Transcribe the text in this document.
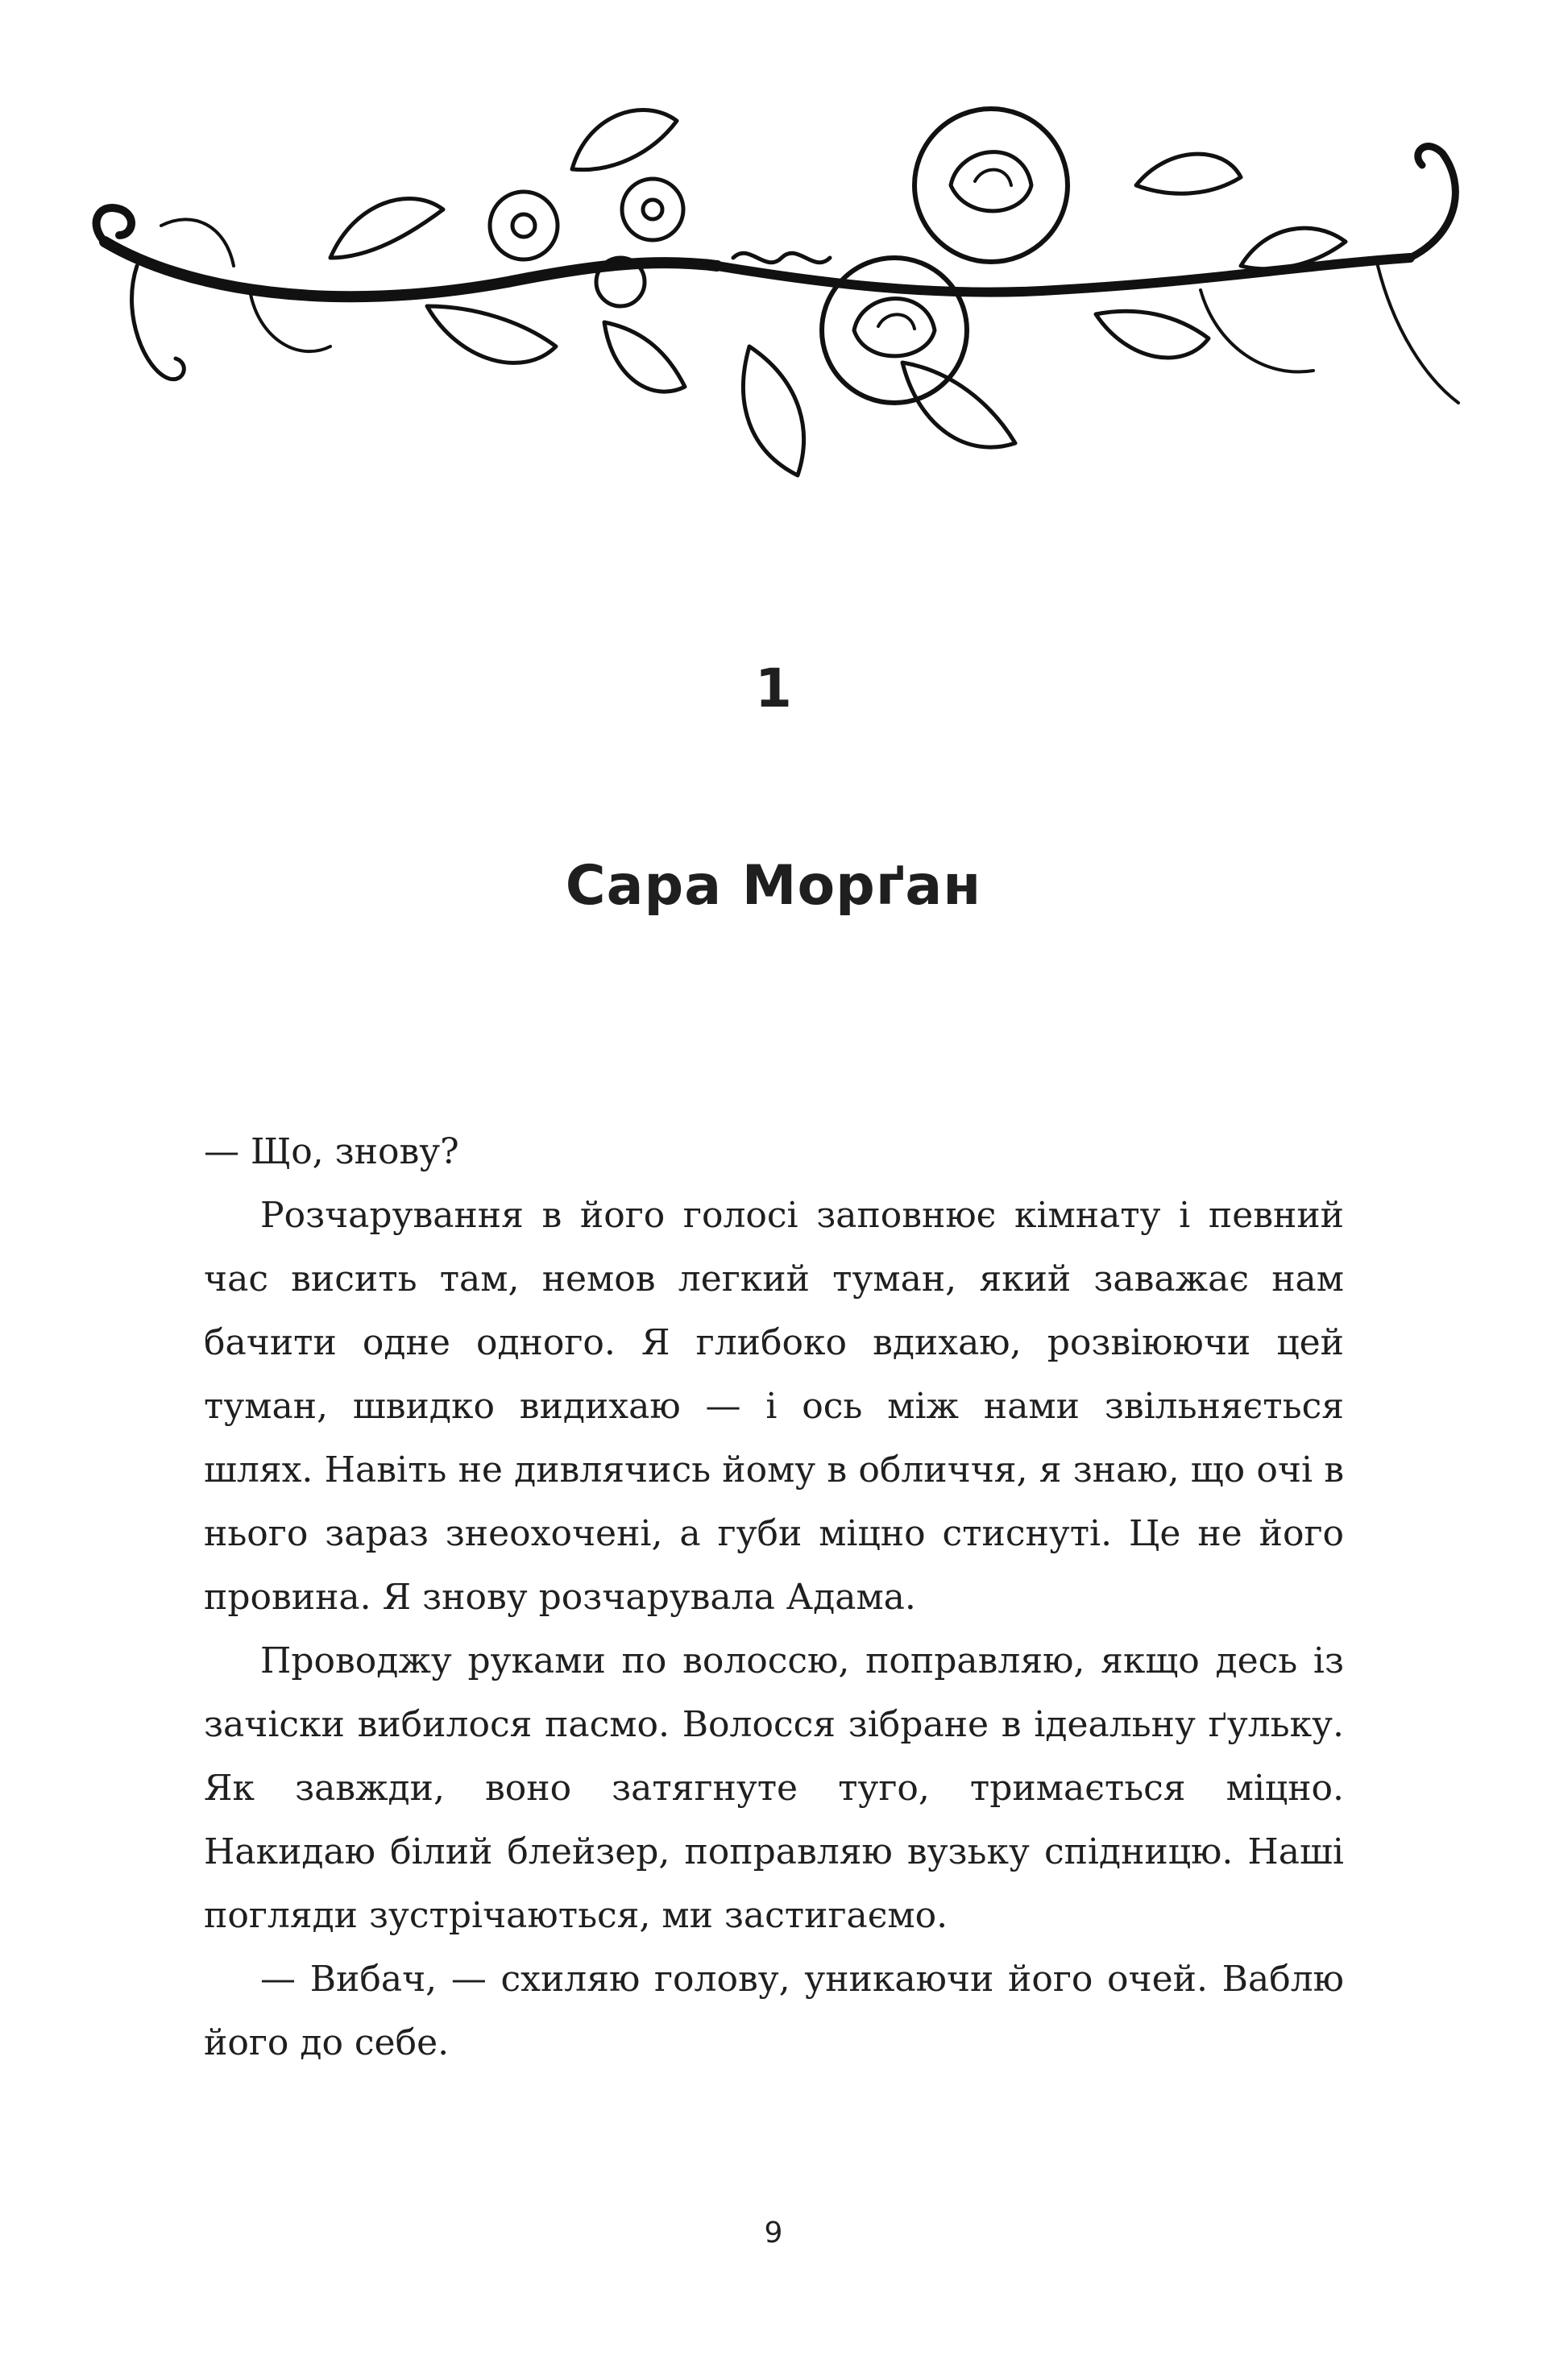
1
Сара Морґан

— Що, знову?

Розчарування в його голосі заповнює кімнату і певний час висить там, немов легкий туман, який заважає нам бачити одне одного. Я глибоко вдихаю, розвіюючи цей туман, швидко видихаю — і ось між нами звільняється шлях. Навіть не дивлячись йому в обличчя, я знаю, що очі в нього зараз знеохочені, а губи міцно стиснуті. Це не його провина. Я знову розчарувала Адама.

Проводжу руками по волоссю, поправляю, якщо десь із зачіски вибилося пасмо. Волосся зібране в ідеальну ґульку. Як завжди, воно затягнуте туго, тримається міцно. Накидаю білий блейзер, поправляю вузьку спідницю. Наші погляди зустрічаються, ми застигаємо.

— Вибач, — схиляю голову, уникаючи його очей. Ваблю його до себе.

9
